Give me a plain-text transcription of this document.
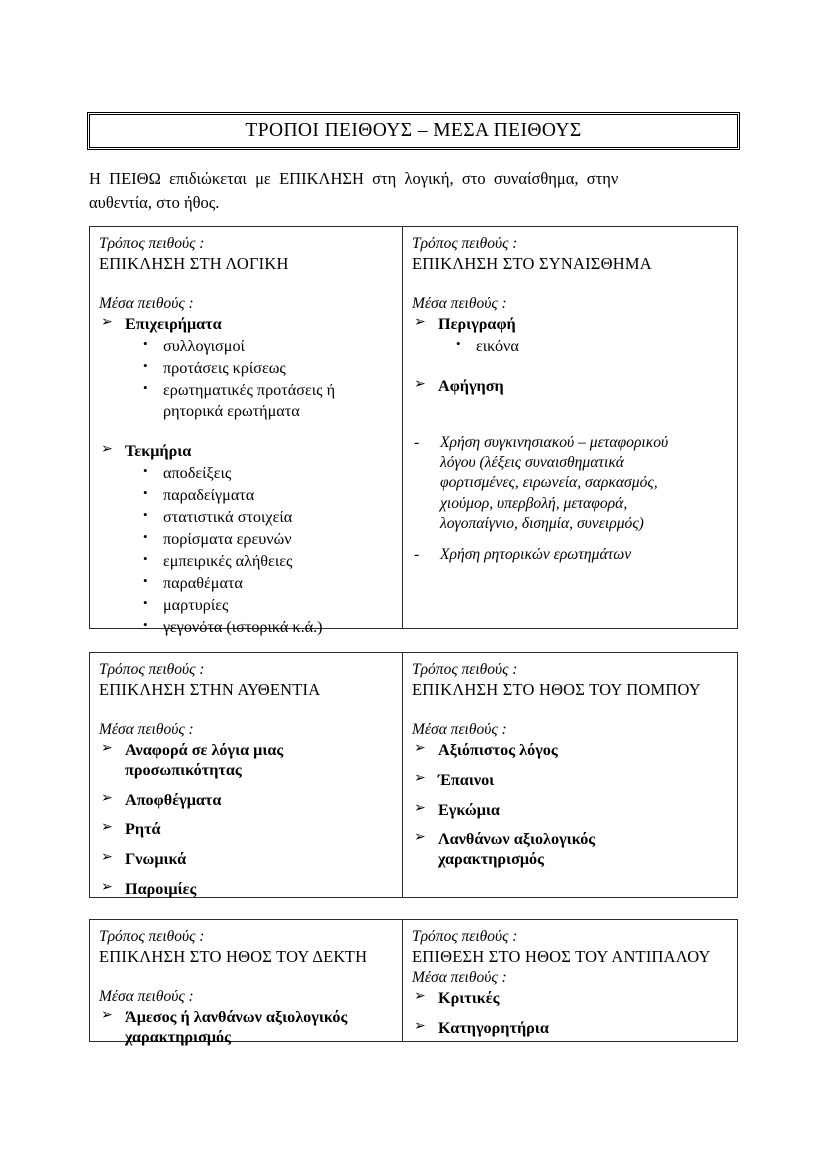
ΤΡΟΠΟΙ ΠΕΙΘΟΥΣ – ΜΕΣΑ ΠΕΙΘΟΥΣ
Η  ΠΕΙΘΩ  επιδιώκεται  με  ΕΠΙΚΛΗΣΗ  στη  λογική,  στο  συναίσθημα,  στην
αυθεντία, στο ήθος.

Τρόπος πειθούς :

ΕΠΙΚΛΗΣΗ ΣΤΗ ΛΟΓΙΚΗ

Μέσα πειθούς :

➢ Επιχειρήματα
• συλλογισμοί
• προτάσεις κρίσεως
• ερωτηματικές προτάσεις ή
ρητορικά ερωτήματα
➢ Τεκμήρια
• αποδείξεις
• παραδείγματα
• στατιστικά στοιχεία
• πορίσματα ερευνών
• εμπειρικές αλήθειες
• παραθέματα
• μαρτυρίες
• γεγονότα (ιστορικά κ.ά.)

Τρόπος πειθούς :

ΕΠΙΚΛΗΣΗ ΣΤΟ ΣΥΝΑΙΣΘΗΜΑ

Μέσα πειθούς :

➢ Περιγραφή
• εικόνα
➢ Αφήγηση
- Χρήση συγκινησιακού – μεταφορικού
λόγου (λέξεις συναισθηματικά
φορτισμένες, ειρωνεία, σαρκασμός,
χιούμορ, υπερβολή, μεταφορά,
λογοπαίγνιο, δισημία, συνειρμός)
- Χρήση ρητορικών ερωτημάτων

Τρόπος πειθούς :

ΕΠΙΚΛΗΣΗ ΣΤΗΝ ΑΥΘΕΝΤΙΑ

Μέσα πειθούς :

➢ Αναφορά σε λόγια μιας
προσωπικότητας
➢ Αποφθέγματα
➢ Ρητά
➢ Γνωμικά
➢ Παροιμίες

Τρόπος πειθούς :

ΕΠΙΚΛΗΣΗ ΣΤΟ ΗΘΟΣ ΤΟΥ ΠΟΜΠΟΥ

Μέσα πειθούς :

➢ Αξιόπιστος λόγος
➢ Έπαινοι
➢ Εγκώμια
➢ Λανθάνων αξιολογικός
χαρακτηρισμός

Τρόπος πειθούς :

ΕΠΙΚΛΗΣΗ ΣΤΟ ΗΘΟΣ ΤΟΥ ΔΕΚΤΗ

Μέσα πειθούς :

➢ Άμεσος ή λανθάνων αξιολογικός
χαρακτηρισμός

Τρόπος πειθούς :

ΕΠΙΘΕΣΗ ΣΤΟ ΗΘΟΣ ΤΟΥ ΑΝΤΙΠΑΛΟΥ

Μέσα πειθούς :

➢ Κριτικές
➢ Κατηγορητήρια
